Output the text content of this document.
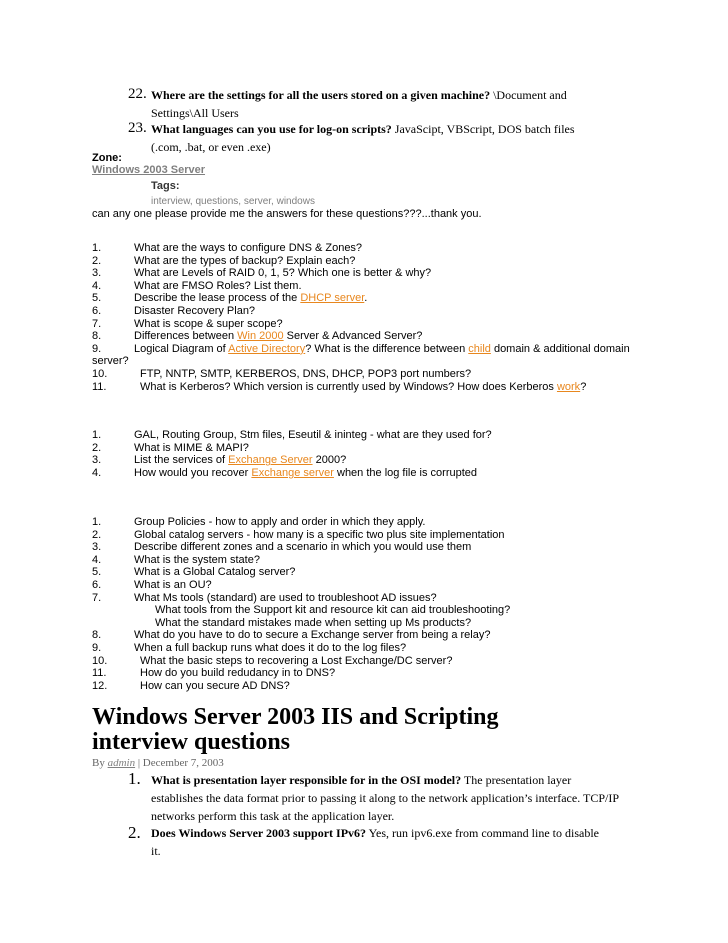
22. Where are the settings for all the users stored on a given machine? \Document and
Settings\All Users
23. What languages can you use for log-on scripts? JavaScipt, VBScript, DOS batch files
(.com, .bat, or even .exe)
Zone:
Windows 2003 Server
Tags:
interview, questions, server, windows
can any one please provide me the answers for these questions???...thank you.
1.	What are the ways to configure DNS & Zones?
2.	What are the types of backup? Explain each?
3.	What are Levels of RAID 0, 1, 5? Which one is better & why?
4.	What are FMSO Roles? List them.
5.	Describe the lease process of the DHCP server.
6.	Disaster Recovery Plan?
7.	What is scope & super scope?
8.	Differences between Win 2000 Server & Advanced Server?
9.	Logical Diagram of Active Directory? What is the difference between child domain & additional domain
server?
10.	FTP, NNTP, SMTP, KERBEROS, DNS, DHCP, POP3 port numbers?
11.	What is Kerberos? Which version is currently used by Windows? How does Kerberos work?
1.	GAL, Routing Group, Stm files, Eseutil & ininteg - what are they used for?
2.	What is MIME & MAPI?
3.	List the services of Exchange Server 2000?
4.	How would you recover Exchange server when the log file is corrupted
1.	Group Policies - how to apply and order in which they apply.
2.	Global catalog servers - how many is a specific two plus site implementation
3.	Describe different zones and a scenario in which you would use them
4.	What is the system state?
5.	What is a Global Catalog server?
6.	What is an OU?
7.	What Ms tools (standard) are used to troubleshoot AD issues?
What tools from the Support kit and resource kit can aid troubleshooting?
What the standard mistakes made when setting up Ms products?
8.	What do you have to do to secure a Exchange server from being a relay?
9.	When a full backup runs what does it do to the log files?
10.	What the basic steps to recovering a Lost Exchange/DC server?
11.	How do you build redudancy in to DNS?
12.	How can you secure AD DNS?
Windows Server 2003 IIS and Scripting
interview questions
By admin | December 7, 2003
1. What is presentation layer responsible for in the OSI model? The presentation layer
establishes the data format prior to passing it along to the network application’s interface. TCP/IP
networks perform this task at the application layer.
2. Does Windows Server 2003 support IPv6? Yes, run ipv6.exe from command line to disable
it.
